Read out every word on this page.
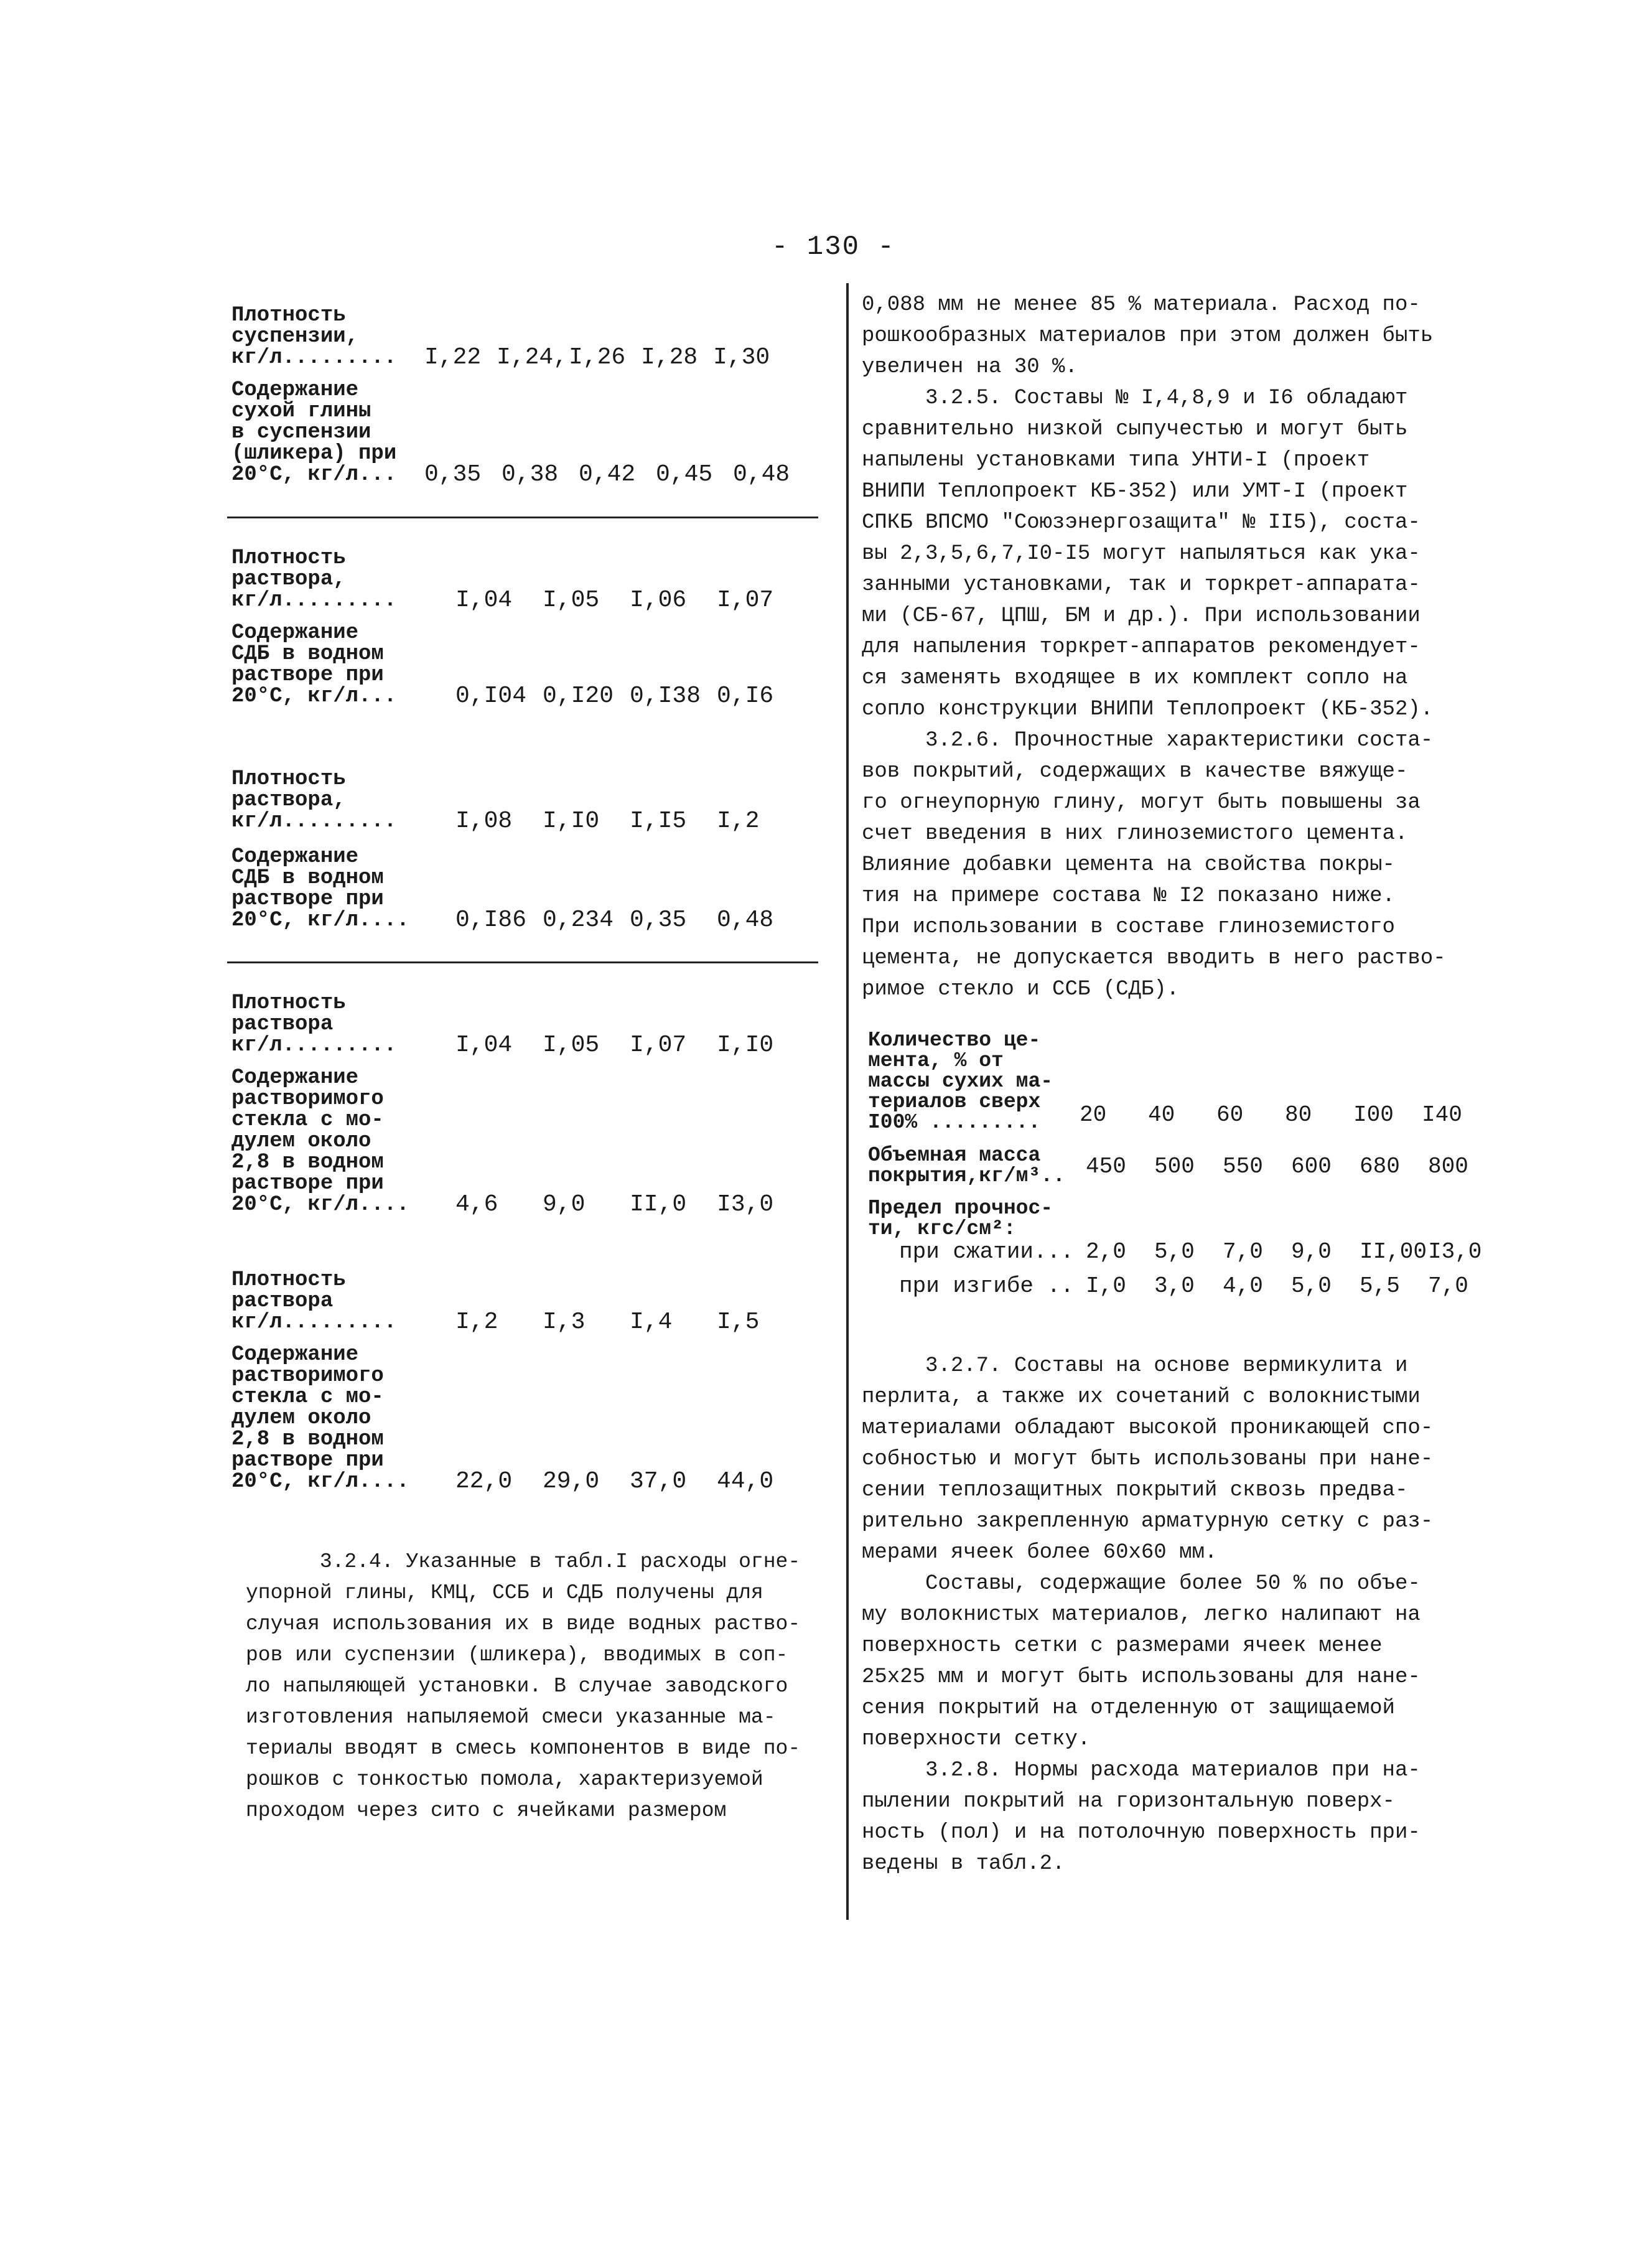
- 130 -
Плотность
суспензии,
кг/л.........	I,22 I,24, I,26 I,28 I,30
Содержание
сухой глины
в суспензии
(шликера) при
20°С, кг/л...	0,35 0,38 0,42 0,45 0,48
Плотность
раствора,
кг/л.........	I,04	I,05	I,06	I,07
Содержание
СДБ в водном
растворе при
20°С, кг/л...	0,I04 0,I20 0,I38 0,I6
Плотность
раствора,
кг/л.........	I,08	I,I0	I,I5	I,2
Содержание
СДБ в водном
растворе при
20°С, кг/л....	0,I86 0,234 0,35	0,48
Плотность
раствора
кг/л.........	I,04	I,05	I,07	I,I0
Содержание
растворимого
стекла с мо-
дулем около
2,8 в водном
растворе при
20°С, кг/л....	4,6	9,0	II,0	I3,0
Плотность
раствора
кг/л.........	I,2	I,3	I,4	I,5
Содержание
растворимого
стекла с мо-
дулем около
2,8 в водном
растворе при
20°С, кг/л....	22,0	29,0	37,0	44,0
3.2.4. Указанные в табл.I расходы огне-
упорной глины, КМЦ, ССБ и СДБ получены для
случая использования их в виде водных раство-
ров или суспензии (шликера), вводимых в соп-
ло напыляющей установки. В случае заводского
изготовления напыляемой смеси указанные ма-
териалы вводят в смесь компонентов в виде по-
рошков с тонкостью помола, характеризуемой
проходом через сито с ячейками размером
0,088 мм не менее 85 % материала. Расход по-
рошкообразных материалов при этом должен быть
увеличен на 30 %.
3.2.5. Составы № I,4,8,9 и I6 обладают
сравнительно низкой сыпучестью и могут быть
напылены установками типа УНТИ-I (проект
ВНИПИ Теплопроект КБ-352) или УМТ-I (проект
СПКБ ВПСМО "Союзэнергозащита" № II5), соста-
вы 2,3,5,6,7,I0-I5 могут напыляться как ука-
занными установками, так и торкрет-аппарата-
ми (СБ-67, ЦПШ, БМ и др.). При использовании
для напыления торкрет-аппаратов рекомендует-
ся заменять входящее в их комплект сопло на
сопло конструкции ВНИПИ Теплопроект (КБ-352).
3.2.6. Прочностные характеристики соста-
вов покрытий, содержащих в качестве вяжуще-
го огнеупорную глину, могут быть повышены за
счет введения в них глиноземистого цемента.
Влияние добавки цемента на свойства покры-
тия на примере состава № I2 показано ниже.
При использовании в составе глиноземистого
цемента, не допускается вводить в него раство-
римое стекло и ССБ (СДБ).
Количество це-
мента, % от
массы сухих ма-
териалов сверх
I00% .........	20	40	60	80	I00	I40
Объемная масса
покрытия,кг/м³.. 450	500	550	600	680	800
Предел прочнос-
ти, кгс/см²:
при сжатии... 2,0	5,0	7,0	9,0	II,00 I3,0
при изгибе .. I,0	3,0	4,0	5,0	5,5	7,0
3.2.7. Составы на основе вермикулита и
перлита, а также их сочетаний с волокнистыми
материалами обладают высокой проникающей спо-
собностью и могут быть использованы при нане-
сении теплозащитных покрытий сквозь предва-
рительно закрепленную арматурную сетку с раз-
мерами ячеек более 60х60 мм.
Составы, содержащие более 50 % по объе-
му волокнистых материалов, легко налипают на
поверхность сетки с размерами ячеек менее
25х25 мм и могут быть использованы для нане-
сения покрытий на отделенную от защищаемой
поверхности сетку.
3.2.8. Нормы расхода материалов при на-
пылении покрытий на горизонтальную поверх-
ность (пол) и на потолочную поверхность при-
ведены в табл.2.
